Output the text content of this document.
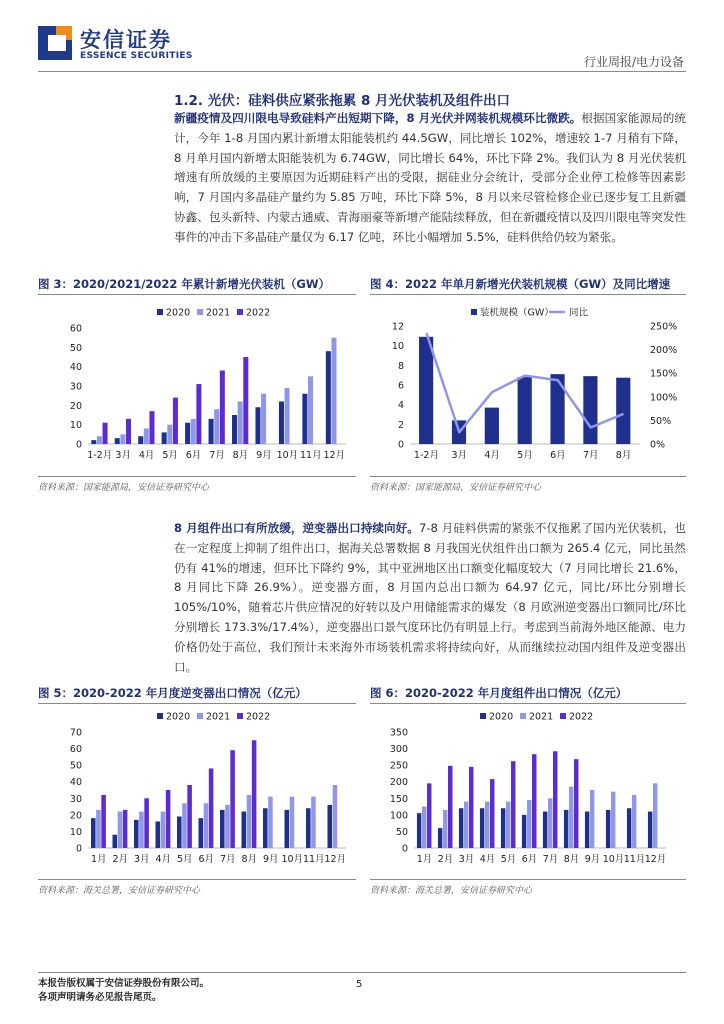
安信证券
ESSENCE SECURITIES	行业周报/电力设备
1.2. 光伏：硅料供应紧张拖累 8 月光伏装机及组件出口
新疆疫情及四川限电导致硅料产出短期下降，8 月光伏并网装机规模环比微跌。根据国家能源局的统计，今年 1-8 月国内累计新增太阳能装机约 44.5GW，同比增长 102%，增速较 1-7 月稍有下降，8 月单月国内新增太阳能装机为 6.74GW，同比增长 64%，环比下降 2%。我们认为 8 月光伏装机增速有所放缓的主要原因为近期硅料产出的受限，据硅业分会统计，受部分企业停工检修等因素影响，7 月国内多晶硅产量约为 5.85 万吨，环比下降 5%，8 月以来尽管检修企业已逐步复工且新疆协鑫、包头新特、内蒙古通威、青海丽豪等新增产能陆续释放，但在新疆疫情以及四川限电等突发性事件的冲击下多晶硅产量仅为 6.17 亿吨，环比小幅增加 5.5%，硅料供给仍较为紧张。
图 3：2020/2021/2022 年累计新增光伏装机（GW）
0
10
20
30
40
50
60
1-2月 3月 4月 5月 6月 7月 8月 9月 10月 11月 12月
2020 2021 2022
资料来源：国家能源局，安信证券研究中心
图 4：2022 年单月新增光伏装机规模（GW）及同比增速
0
2
4
6
8
10
12
1-2月 3月 4月 5月 6月 7月 8月
0%
50%
100%
150%
200%
250%
装机规模（GW） 同比
资料来源：国家能源局，安信证券研究中心
8 月组件出口有所放缓，逆变器出口持续向好。7-8 月硅料供需的紧张不仅拖累了国内光伏装机，也在一定程度上抑制了组件出口，据海关总署数据 8 月我国光伏组件出口额为 265.4 亿元，同比虽然仍有 41%的增速，但环比下降约 9%，其中亚洲地区出口额变化幅度较大（7 月同比增长 21.6%，8 月同比下降 26.9%）。逆变器方面，8 月国内总出口额为 64.97 亿元，同比/环比分别增长 105%/10%，随着芯片供应情况的好转以及户用储能需求的爆发（8 月欧洲逆变器出口额同比/环比分别增长 173.3%/17.4%），逆变器出口景气度环比仍有明显上行。考虑到当前海外地区能源、电力价格仍处于高位，我们预计未来海外市场装机需求将持续向好，从而继续拉动国内组件及逆变器出口。
图 5：2020-2022 年月度逆变器出口情况（亿元）
0
10
20
30
40
50
60
70
1月 2月 3月 4月 5月 6月 7月 8月 9月 10月 11月 12月
2020 2021 2022
资料来源：海关总署，安信证券研究中心
图 6：2020-2022 年月度组件出口情况（亿元）
0
50
100
150
200
250
300
350
1月 2月 3月 4月 5月 6月 7月 8月 9月 10月 11月 12月
2020 2021 2022
资料来源：海关总署，安信证券研究中心
本报告版权属于安信证券股份有限公司。
各项声明请务必见报告尾页。
5
